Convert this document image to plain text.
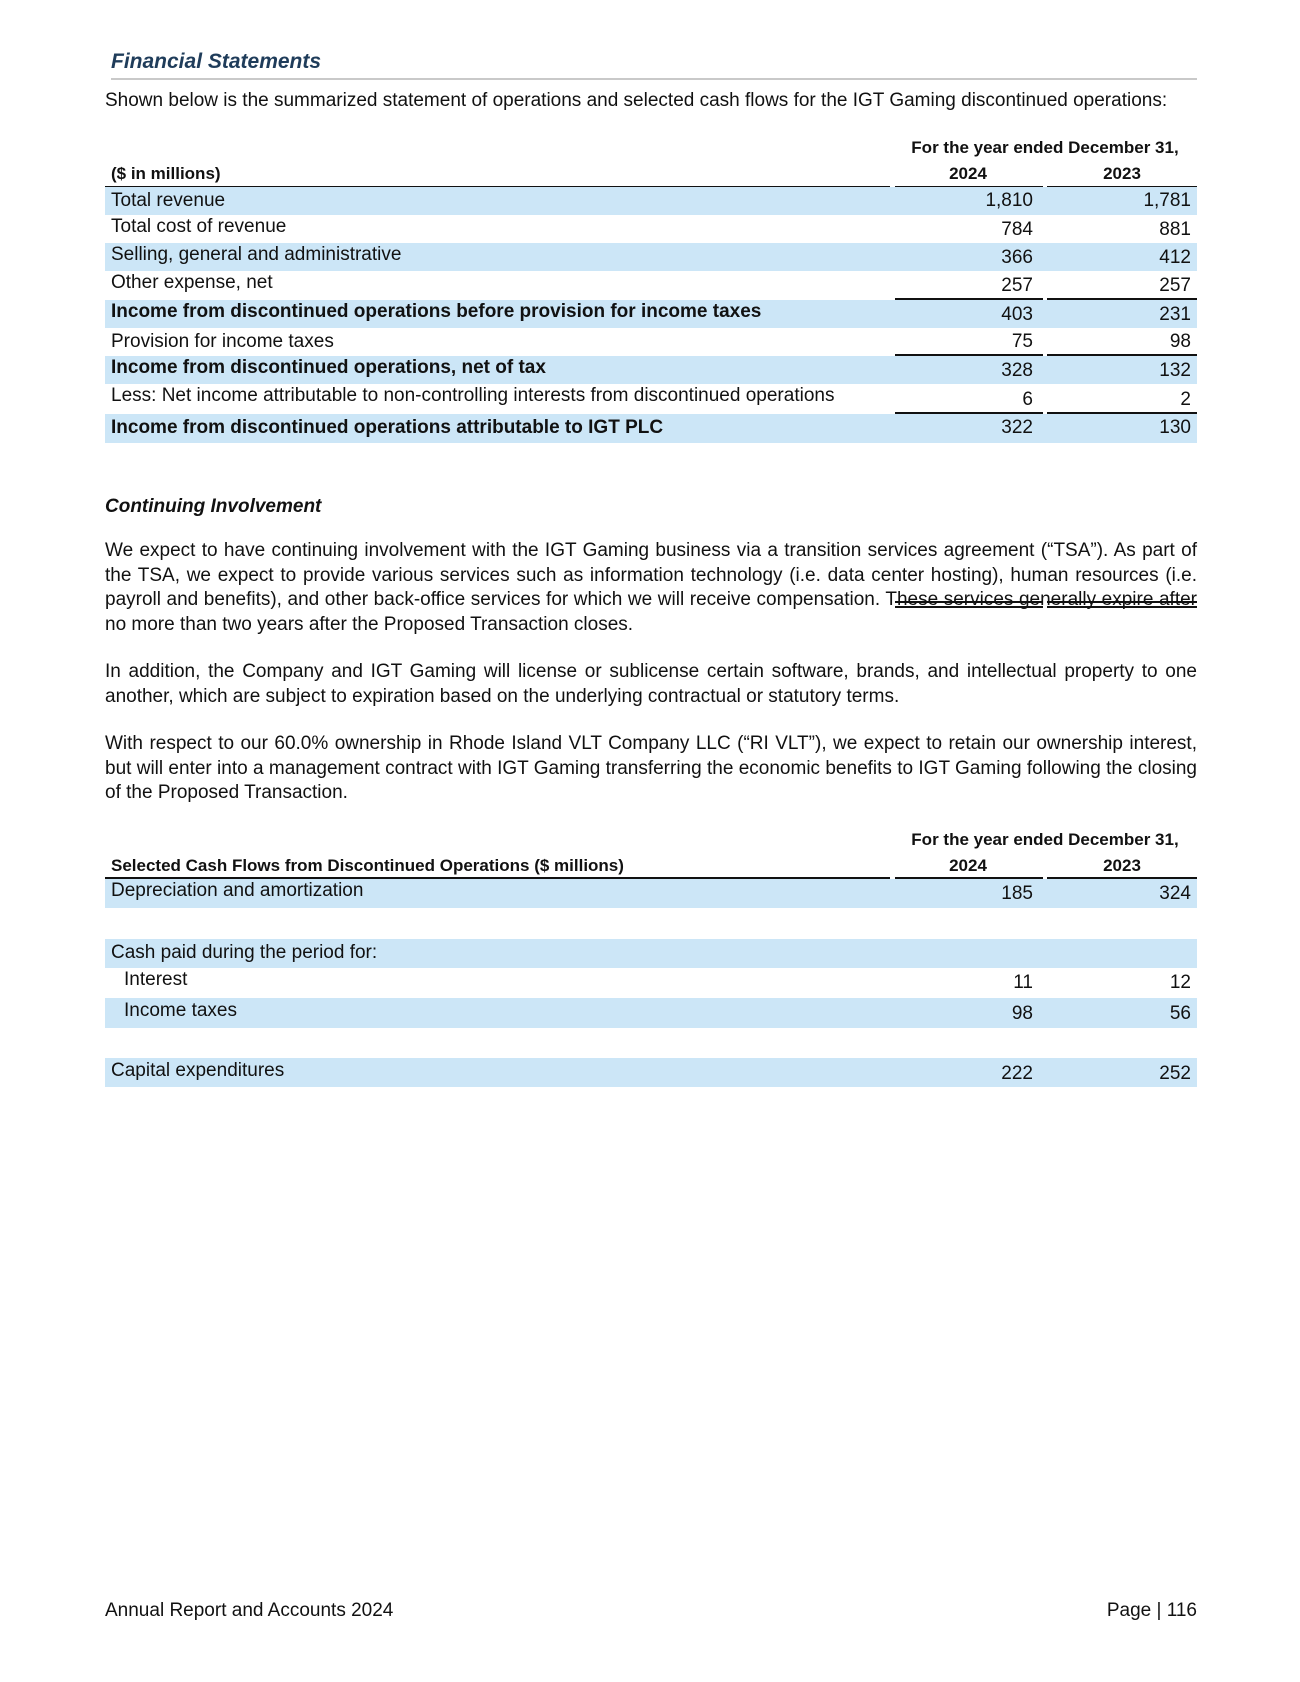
Financial Statements
Shown below is the summarized statement of operations and selected cash flows for the IGT Gaming discontinued operations:
For the year ended December 31,
($ in millions)	2024	2023
Total revenue	1,810	1,781
Total cost of revenue	784	881
Selling, general and administrative	366	412
Other expense, net	257	257
Income from discontinued operations before provision for income taxes	403	231
Provision for income taxes	75	98
Income from discontinued operations, net of tax	328	132
Less: Net income attributable to non-controlling interests from discontinued operations	6	2
Income from discontinued operations attributable to IGT PLC	322	130
Continuing Involvement
We expect to have continuing involvement with the IGT Gaming business via a transition services agreement (“TSA”). As part of the TSA, we expect to provide various services such as information technology (i.e. data center hosting), human resources (i.e. payroll and benefits), and other back-office services for which we will receive compensation. These services generally expire after no more than two years after the Proposed Transaction closes.
In addition, the Company and IGT Gaming will license or sublicense certain software, brands, and intellectual property to one another, which are subject to expiration based on the underlying contractual or statutory terms.
With respect to our 60.0% ownership in Rhode Island VLT Company LLC (“RI VLT”), we expect to retain our ownership interest, but will enter into a management contract with IGT Gaming transferring the economic benefits to IGT Gaming following the closing of the Proposed Transaction.
For the year ended December 31,
Selected Cash Flows from Discontinued Operations ($ millions)	2024	2023
Depreciation and amortization	185	324
Cash paid during the period for:
Interest	11	12
Income taxes	98	56
Capital expenditures	222	252
Annual Report and Accounts 2024	Page | 116
